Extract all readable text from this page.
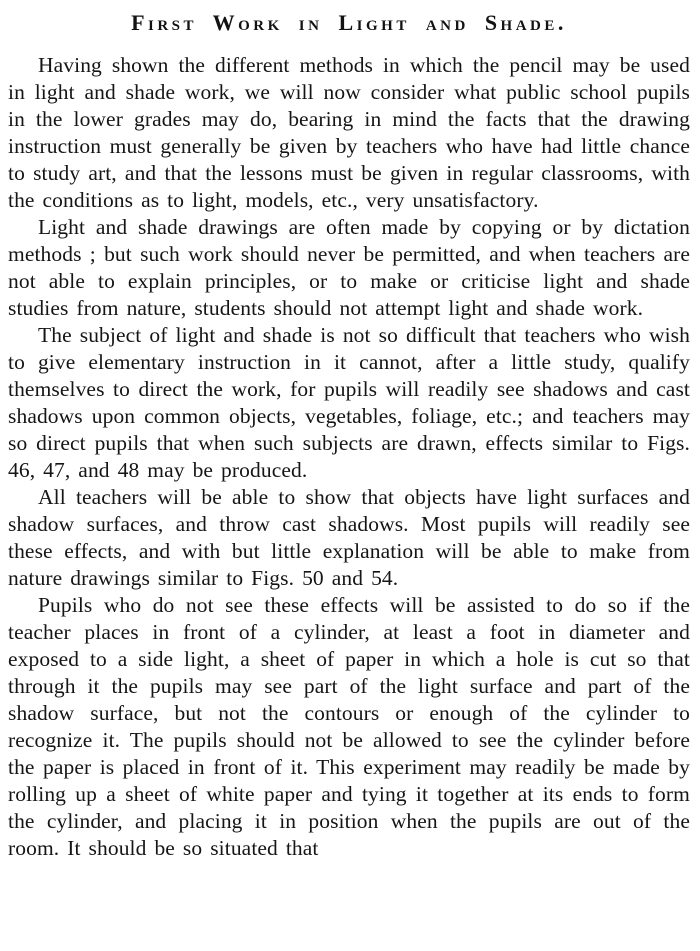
First Work in Light and Shade.

Having shown the different methods in which the pencil may be used in light and shade work, we will now consider what public school pupils in the lower grades may do, bearing in mind the facts that the drawing instruction must generally be given by teachers who have had little chance to study art, and that the lessons must be given in regular classrooms, with the conditions as to light, models, etc., very unsatisfactory.

Light and shade drawings are often made by copying or by dictation methods ; but such work should never be permitted, and when teachers are not able to explain principles, or to make or criticise light and shade studies from nature, students should not attempt light and shade work.

The subject of light and shade is not so difficult that teachers who wish to give elementary instruction in it cannot, after a little study, qualify themselves to direct the work, for pupils will readily see shadows and cast shadows upon common objects, vegetables, foliage, etc.; and teachers may so direct pupils that when such subjects are drawn, effects similar to Figs. 46, 47, and 48 may be produced.

All teachers will be able to show that objects have light surfaces and shadow surfaces, and throw cast shadows. Most pupils will readily see these effects, and with but little explanation will be able to make from nature drawings similar to Figs. 50 and 54.

Pupils who do not see these effects will be assisted to do so if the teacher places in front of a cylinder, at least a foot in diameter and exposed to a side light, a sheet of paper in which a hole is cut so that through it the pupils may see part of the light surface and part of the shadow surface, but not the contours or enough of the cylinder to recognize it. The pupils should not be allowed to see the cylinder before the paper is placed in front of it. This experiment may readily be made by rolling up a sheet of white paper and tying it together at its ends to form the cylinder, and placing it in position when the pupils are out of the room. It should be so situated that
